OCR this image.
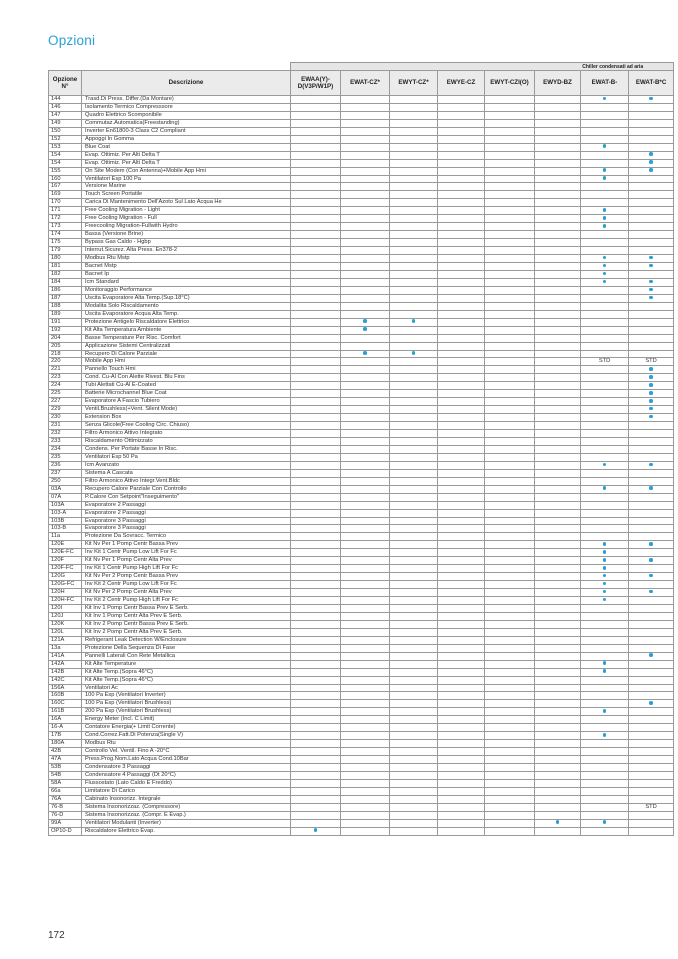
Opzioni
		Chiller condensati ad aria							
Opzione N°	Descrizione	EWAA(Y)-D(V3P/W1P)	EWAT-CZ*	EWYT-CZ*	EWYE-CZ	EWYT-CZI(O)	EWYD-BZ	EWAT-B-	EWAT-B*C
144	Trasd.Di Press. Differ.(Da Montare)								
146	Isolamento Termico Compresssore								
147	Quadro Elettrico Scomponibile								
149	Commutaz.Automatica(Freestanding)								
150	Inverter En61800-3 Class C2 Compliant								
152	Appoggi In Gomma								
153	Blue Coat								
154	Evap. Ottimiz. Per Alti Delta T								
154	Evap. Ottimiz. Per Alti Delta T								
155	On Site Modem (Con Antenna)+Mobile App Hmi								
160	Ventilatori Esp 100 Pa								
167	Versione Marine								
169	Touch Screen Portatile								
170	Carica Di Mantenimento Dell'Azoto Sul Lato Acqua He								
171	Free Cooling Migration - Light								
172	Free Cooling Migration - Full								
173	Freecooling Migration-Fullwith Hydro								
174	Bassa (Versione Brine)								
175	Bypass Gas Caldo - Hgbp								
179	Interrut.Sicurez. Alta Press. En378-2								
180	Modbus Rtu Mstp								
181	Bacnet Mstp								
182	Bacnet Ip								
184	Icm Standard								
186	Monitoraggio Performance								
187	Uscita Evaporatore Alta Temp.(Sup.18°C)								
188	Modalita Solo Riscaldamento								
189	Uscita Evaporatore Acqua Alta Temp.								
191	Protezione Antigelo Riscaldatore Elettrico								
192	Kit Alta Temperatura Ambiente								
204	Basse Temperature Per Risc. Comfort								
205	Applicazione Sistemi Centralizzati								
218	Recupero Di Calore Parziale								
220	Mobile App Hmi							STD	STD
221	Pannello Touch Hmi								
223	Cond. Cu-Al Con Alette Rivest. Blu Fins								
224	Tubi Alettati Cu-Al E-Coated								
225	Batterie Microchannel Blue Coat								
227	Evaporatore A Fascio Tubiero								
229	Ventil.Brushless(+Vent. Silent Mode)								
230	Extension Box								
231	Senza Glicole(Free Cooling Circ. Chiuso)								
232	Filtro Armonico Attivo Integrato								
233	Riscaldamento Ottimizzato								
234	Condens. Per Portate Basse In Risc.								
235	Ventilatori Esp 50 Pa								
236	Icm Avanzato								
237	Sistema A Cascata								
250	Filtro Armonico Attivo Integr.Vent.Bldc								
03A	Recupero Calore Parziale Con Controllo								
07A	P.Calore Con Setpoint"Inseguimento"								
103A	Evaporatore 2 Passaggi								
103-A	Evaporatore 2 Passaggi								
103B	Evaporatore 3 Passaggi								
103-B	Evaporatore 3 Passaggi								
11a	Protezione Da Sovracc. Termico								
120E	Kit Nv Per 1 Pomp Centr Bassa Prev								
120E-FC	Inv Kit 1 Centr Pump Low Lift For Fc								
120F	Kit Nv Per 1 Pomp Centr Alta Prev								
120F-FC	Inv Kit 1 Centr Pump High Lift For Fc								
120G	Kit Nv Per 2 Pomp Centr Bassa Prev								
120G-FC	Inv Kit 2 Centr Pump Low Lift For Fc								
120H	Kit Nv Per 2 Pomp Centr Alta Prev								
120H-FC	Inv Kit 2 Centr Pump High Lift For Fc								
120I	Kit Inv 1 Pomp Centr Bassa Prev E Serb.								
120J	Kit Inv 1 Pomp Centr Alta Prev E Serb.								
120K	Kit Inv 2 Pomp Centr Bassa Prev E Serb.								
120L	Kit Inv 2 Pomp Centr Alta Prev E Serb.								
121A	Refrigerant Leak Detection W/Enclosure								
13a	Protezione Della Sequenza Di Fase								
141A	Pannelli Laterali Con Rete Metallica								
142A	Kit Alte Temperature								
142B	Kit Alte Temp.(Sopra 46°C)								
142C	Kit Alte Temp.(Sopra 46°C)								
156A	Ventilatori Ac								
160B	100 Pa Esp (Ventilatori Inverter)								
160C	100 Pa Esp (Ventilatori Brushless)								
161B	200 Pa Esp (Ventilatori Brushless)								
16A	Energy Meter (Incl. C Limit)								
16-A	Contatore Energia(+ Limit Corrente)								
17B	Cond.Correz.Fatt.Di Potenza(Single V)								
180A	Modbus Rtu								
42B	Controllo Vel. Ventil. Fino A -20°C								
47A	Press.Prog.Nom.Lato Acqua Cond.10Bar								
53B	Condensatore 3 Passaggi								
54B	Condensatore 4 Passaggi (Dt 20°C)								
58A	Flussostato (Lato Caldo E Freddo)								
66a	Limitatore Di Carico								
76A	Cabinato Insonorizz. Integrale								
76-B	Sistema Insonorizzaz. (Compressore)								STD
76-D	Sistema Insonorizzaz. (Compr. E Evap.)								
99A	Ventilatori Modulanti (Inverter)								
OP10-D	Riscaldatore Elettrico Evap.								
172
